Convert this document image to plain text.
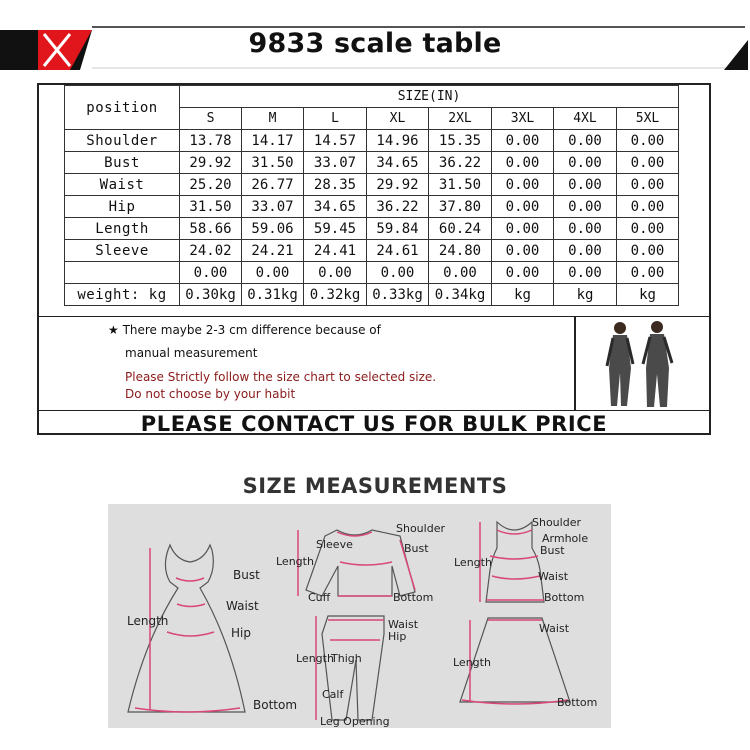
9833 scale table
position	SIZE(IN)							
	S	M	L	XL	2XL	3XL	4XL	5XL
Shoulder	13.78	14.17	14.57	14.96	15.35	0.00	0.00	0.00
Bust	29.92	31.50	33.07	34.65	36.22	0.00	0.00	0.00
Waist	25.20	26.77	28.35	29.92	31.50	0.00	0.00	0.00
Hip	31.50	33.07	34.65	36.22	37.80	0.00	0.00	0.00
Length	58.66	59.06	59.45	59.84	60.24	0.00	0.00	0.00
Sleeve	24.02	24.21	24.41	24.61	24.80	0.00	0.00	0.00
	0.00	0.00	0.00	0.00	0.00	0.00	0.00	0.00
weight: kg	0.30kg	0.31kg	0.32kg	0.33kg	0.34kg	kg	kg	kg
★ There maybe 2-3 cm difference because of
manual measurement
Please Strictly follow the size chart to selected size.
Do not choose by your habit
PLEASE CONTACT US FOR BULK PRICE
SIZE MEASUREMENTS
Bust
Waist
Hip
Length
Bottom
Shoulder
Sleeve	Bust
Length
Cuff	Bottom
Shoulder
Armhole
Bust
Length
Waist
Bottom
Waist
Hip
Length
Thigh
Calf
Leg Opening
Waist
Length
Bottom
